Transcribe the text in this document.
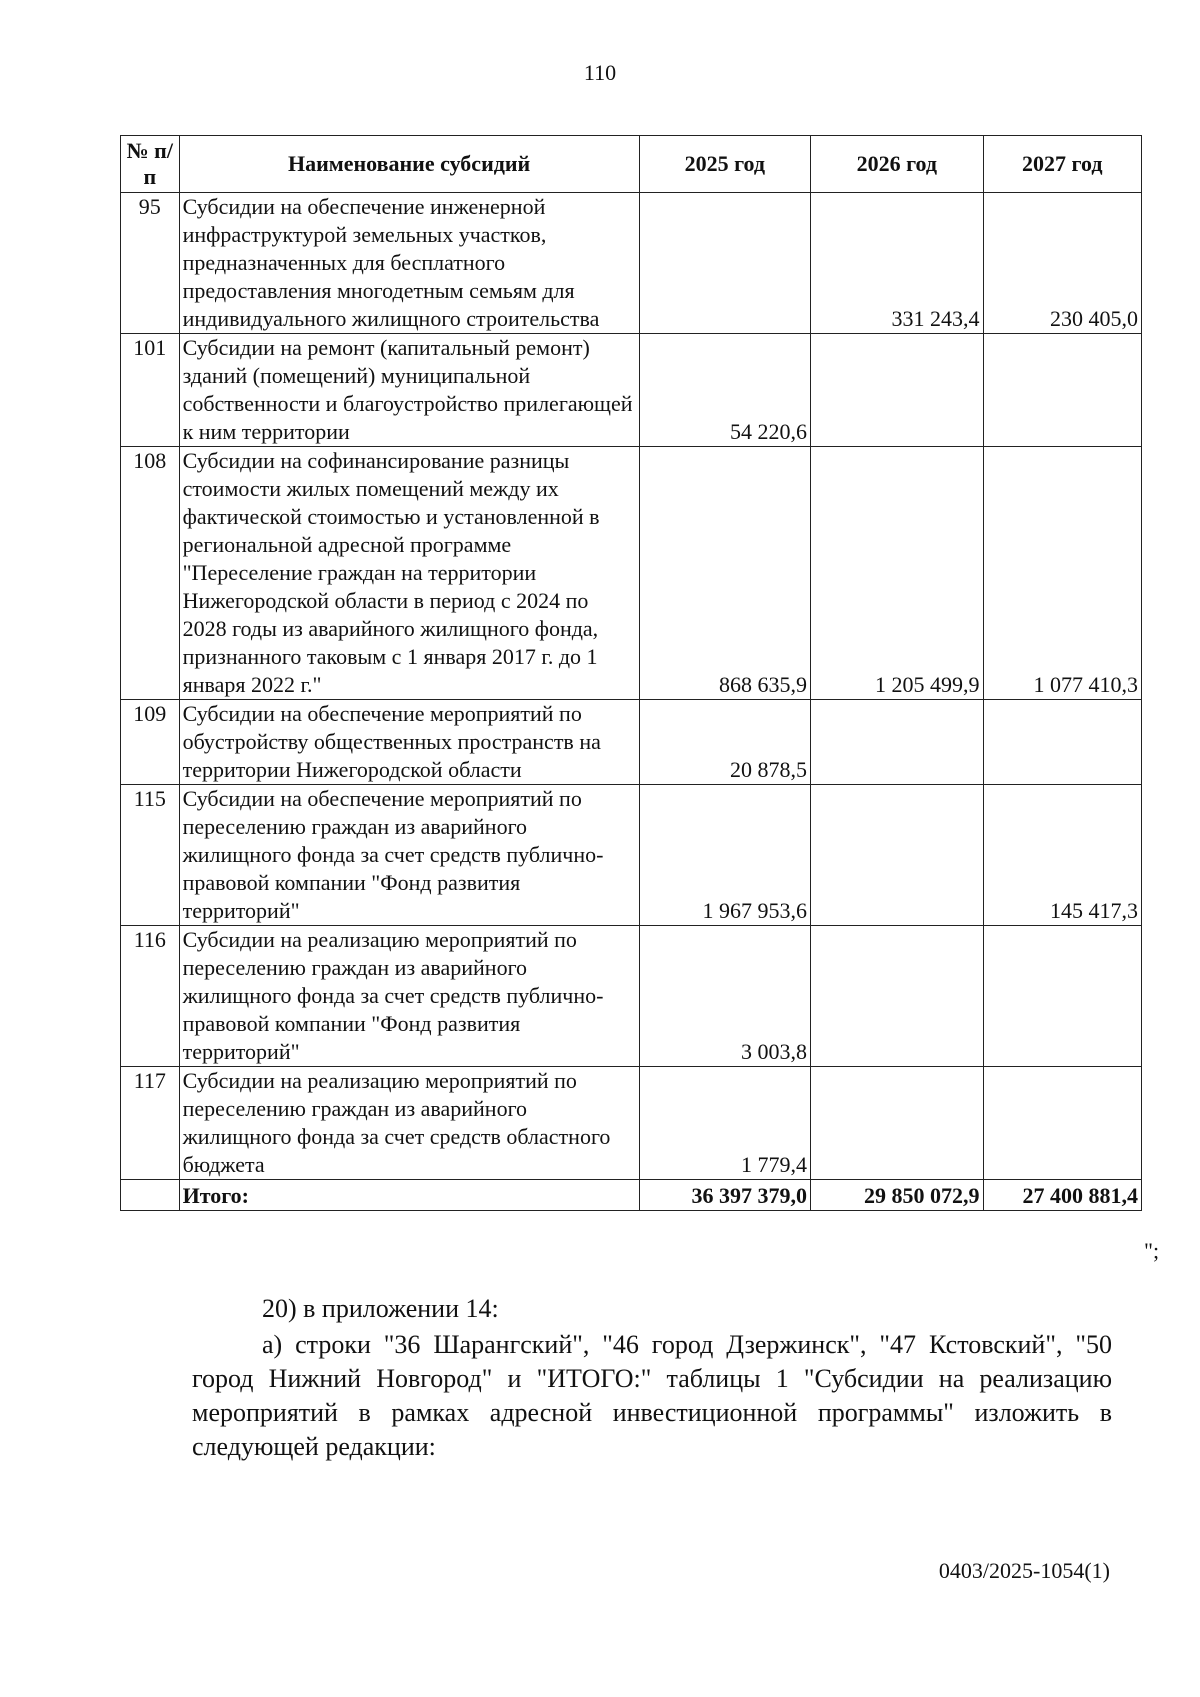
110
№ п/п	Наименование субсидий	2025 год	2026 год	2027 год
95	Субсидии на обеспечение инженерной инфраструктурой земельных участков, предназначенных для бесплатного предоставления многодетным семьям для индивидуального жилищного строительства		331 243,4	230 405,0
101	Субсидии на ремонт (капитальный ремонт) зданий (помещений) муниципальной собственности и благоустройство прилегающей к ним территории	54 220,6		
108	Субсидии на софинансирование разницы стоимости жилых помещений между их фактической стоимостью и установленной в региональной адресной программе "Переселение граждан на территории Нижегородской области в период с 2024 по 2028 годы из аварийного жилищного фонда, признанного таковым с 1 января 2017 г. до 1 января 2022 г."	868 635,9	1 205 499,9	1 077 410,3
109	Субсидии на обеспечение мероприятий по обустройству общественных пространств на территории Нижегородской области	20 878,5		
115	Субсидии на обеспечение мероприятий по переселению граждан из аварийного жилищного фонда за счет средств публично-правовой компании "Фонд развития территорий"	1 967 953,6		145 417,3
116	Субсидии на реализацию мероприятий по переселению граждан из аварийного жилищного фонда за счет средств публично-правовой компании "Фонд развития территорий"	3 003,8		
117	Субсидии на реализацию мероприятий по переселению граждан из аварийного жилищного фонда за счет средств областного бюджета	1 779,4		
	Итого:	36 397 379,0	29 850 072,9	27 400 881,4
";
20) в приложении 14:
а) строки "36 Шарангский", "46 город Дзержинск", "47 Кстовский", "50 город Нижний Новгород" и "ИТОГО:" таблицы 1 "Субсидии на реализацию мероприятий в рамках адресной инвестиционной программы" изложить в следующей редакции:
0403/2025-1054(1)
